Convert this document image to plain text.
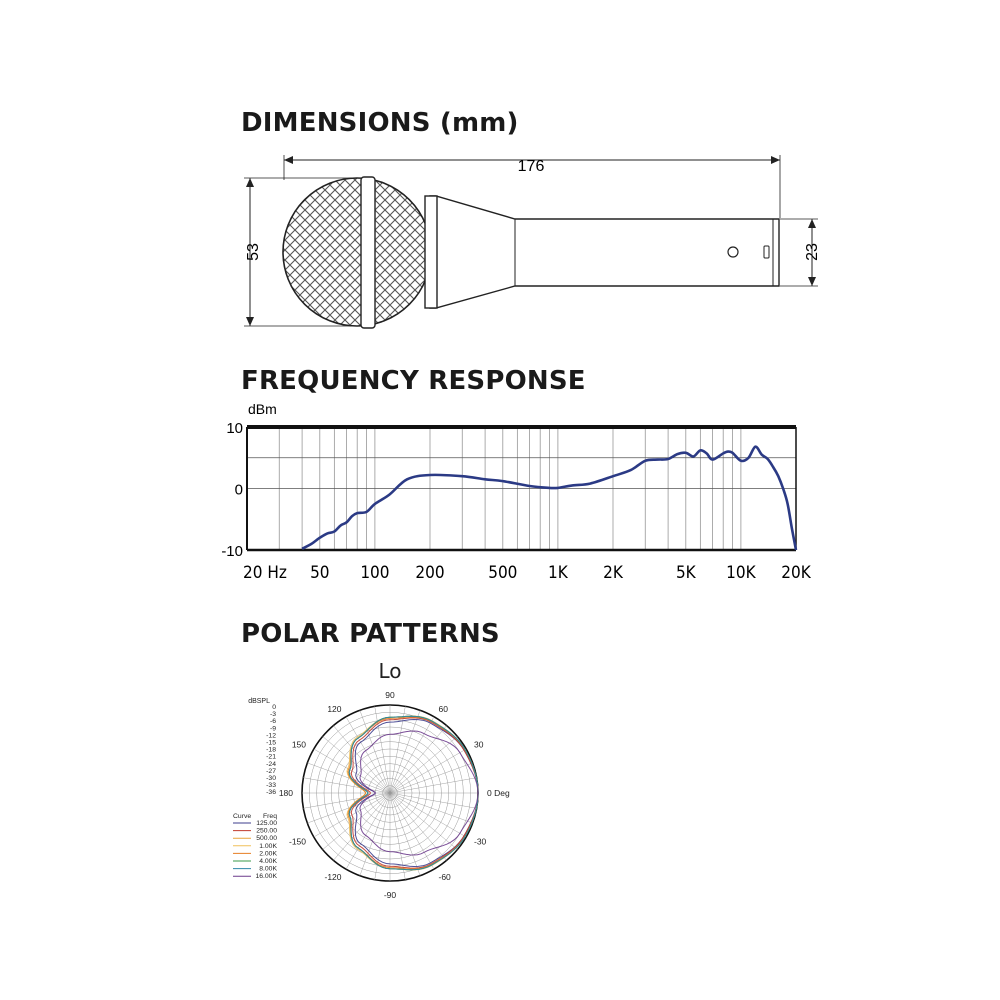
DIMENSIONS (mm)
FREQUENCY RESPONSE
POLAR PATTERNS
176
53	23
dBm
10
0
-10
20 Hz 50 100 200	500 1K 2K	5K 10K 20K
Lo
90
60
30
0 Deg
-30
-60
-90
-120
-150
180
150
120
dBSPL
0
-3
-6
-9
-12
-15
-18
-21
-24
-27
-30
-33
-36
Curve Freq
125.00
250.00
500.00
1.00K
2.00K
4.00K
8.00K
16.00K
